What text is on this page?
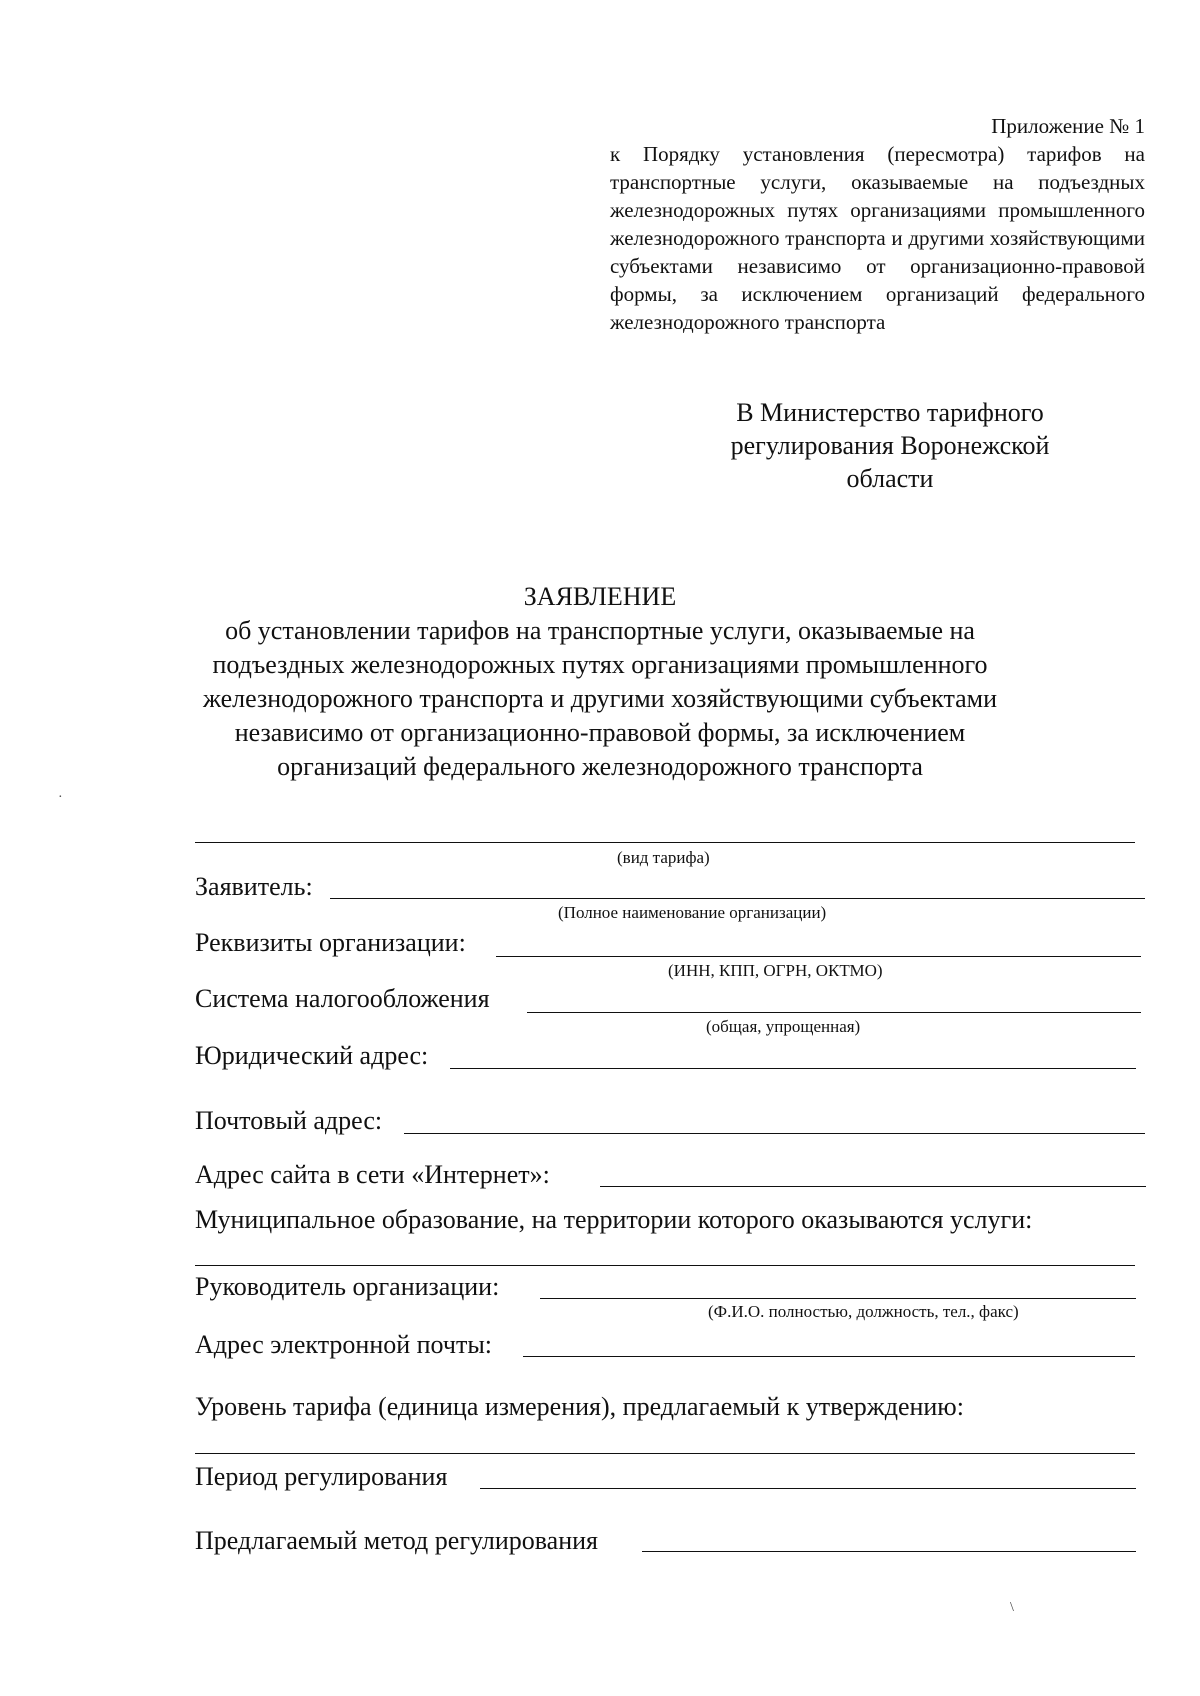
Приложение № 1
к Порядку установления (пересмотра) тарифов на транспортные услуги, оказываемые на подъездных железнодорожных путях организациями промышленного железнодорожного транспорта и другими хозяйствующими субъектами независимо от организационно-правовой формы, за исключением организаций федерального железнодорожного транспорта
В Министерство тарифного
регулирования Воронежской
области
ЗАЯВЛЕНИЕ
об установлении тарифов на транспортные услуги, оказываемые на
подъездных железнодорожных путях организациями промышленного
железнодорожного транспорта и другими хозяйствующими субъектами
независимо от организационно-правовой формы, за исключением
организаций федерального железнодорожного транспорта
·
\
(вид тарифа)
Заявитель:
(Полное наименование организации)
Реквизиты организации:
(ИНН, КПП, ОГРН, ОКТМО)
Система налогообложения
(общая, упрощенная)
Юридический адрес:
Почтовый адрес:
Адрес сайта в сети «Интернет»:
Муниципальное образование, на территории которого оказываются услуги:
Руководитель организации:
(Ф.И.О. полностью, должность, тел., факс)
Адрес электронной почты:
Уровень тарифа (единица измерения), предлагаемый к утверждению:
Период регулирования
Предлагаемый метод регулирования
